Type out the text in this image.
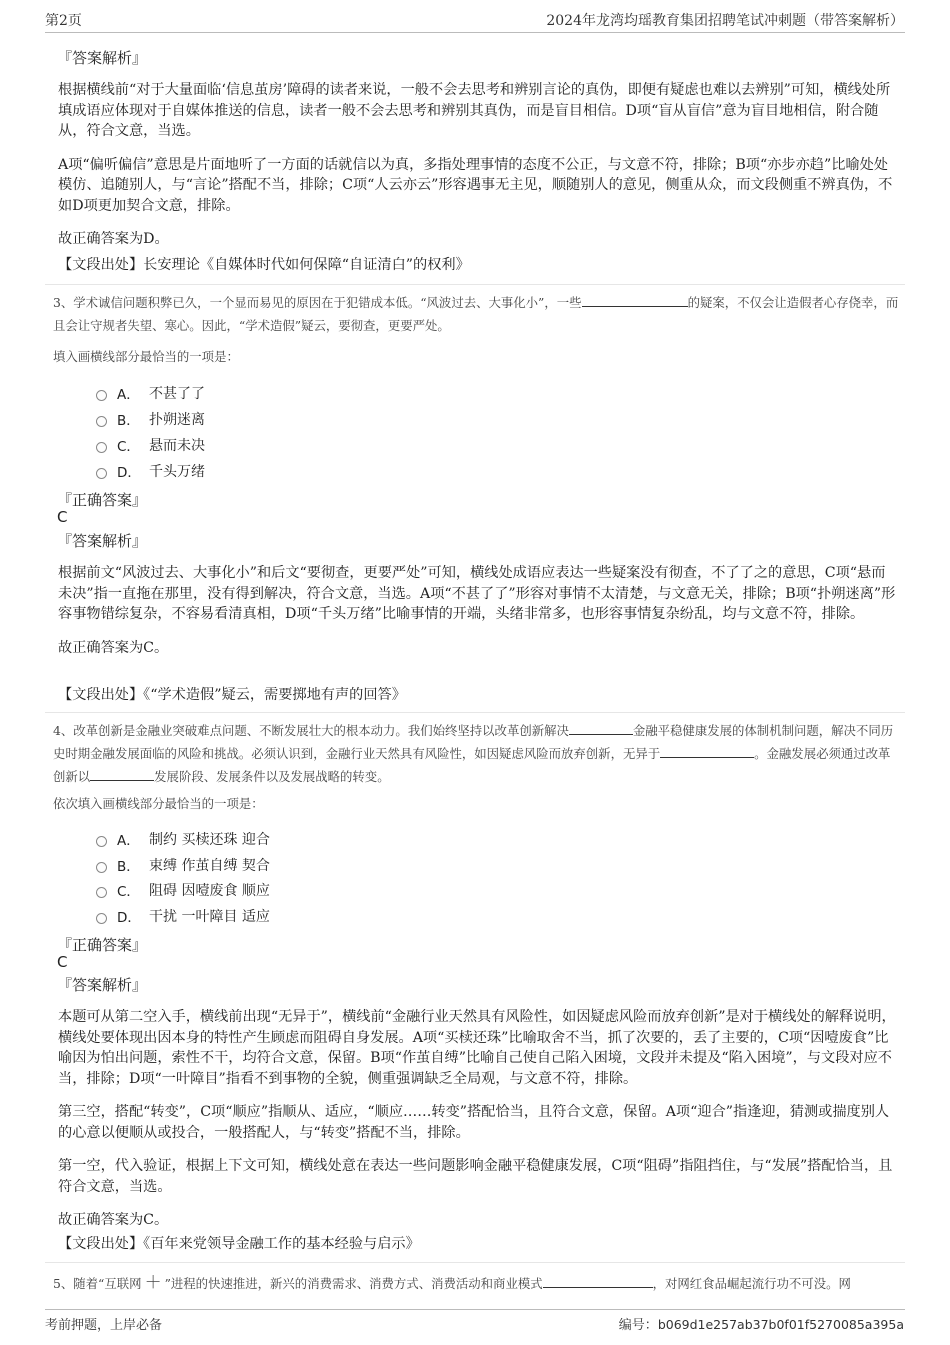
第2页	2024年龙湾均瑶教育集团招聘笔试冲刺题（带答案解析）
『答案解析』

根据横线前“对于大量面临‘信息茧房’障碍的读者来说，一般不会去思考和辨别言论的真伪，即便有疑虑也难以去辨别”可知，横线处所填成语应体现对于自媒体推送的信息，读者一般不会去思考和辨别其真伪，而是盲目相信。D项“盲从盲信”意为盲目地相信，附合随从，符合文意，当选。

A项“偏听偏信”意思是片面地听了一方面的话就信以为真，多指处理事情的态度不公正，与文意不符，排除；B项“亦步亦趋”比喻处处模仿、追随别人，与“言论”搭配不当，排除；C项“人云亦云”形容遇事无主见，顺随别人的意见，侧重从众，而文段侧重不辨真伪，不如D项更加契合文意，排除。

故正确答案为D。

【文段出处】长安理论《自媒体时代如何保障“自证清白”的权利》

3、学术诚信问题积弊已久，一个显而易见的原因在于犯错成本低。“风波过去、大事化小”，一些	的疑案，不仅会让造假者心存侥幸，而且会让守规者失望、寒心。因此，“学术造假”疑云，要彻查，更要严处。

填入画横线部分最恰当的一项是：
A． 不甚了了
B． 扑朔迷离
C． 悬而未决
D． 千头万绪
『正确答案』
C
『答案解析』

根据前文“风波过去、大事化小”和后文“要彻查，更要严处”可知，横线处成语应表达一些疑案没有彻查，不了了之的意思，C项“悬而未决”指一直拖在那里，没有得到解决，符合文意，当选。A项“不甚了了”形容对事情不太清楚，与文意无关，排除；B项“扑朔迷离”形容事物错综复杂，不容易看清真相，D项“千头万绪”比喻事情的开端，头绪非常多，也形容事情复杂纷乱，均与文意不符，排除。

故正确答案为C。

【文段出处】《“学术造假”疑云，需要掷地有声的回答》

4、改革创新是金融业突破难点问题、不断发展壮大的根本动力。我们始终坚持以改革创新解决	金融平稳健康发展的体制机制问题，解决不同历史时期金融发展面临的风险和挑战。必须认识到，金融行业天然具有风险性，如因疑虑风险而放弃创新，无异于	。金融发展必须通过改革创新以	发展阶段、发展条件以及发展战略的转变。

依次填入画横线部分最恰当的一项是：
A． 制约 买椟还珠 迎合
B． 束缚 作茧自缚 契合
C． 阻碍 因噎废食 顺应
D． 干扰 一叶障目 适应
『正确答案』
C
『答案解析』

本题可从第二空入手，横线前出现“无异于”，横线前“金融行业天然具有风险性，如因疑虑风险而放弃创新”是对于横线处的解释说明，横线处要体现出因本身的特性产生顾虑而阻碍自身发展。A项“买椟还珠”比喻取舍不当，抓了次要的，丢了主要的，C项“因噎废食”比喻因为怕出问题，索性不干，均符合文意，保留。B项“作茧自缚”比喻自己使自己陷入困境，文段并未提及“陷入困境”，与文段对应不当，排除；D项“一叶障目”指看不到事物的全貌，侧重强调缺乏全局观，与文意不符，排除。

第三空，搭配“转变”，C项“顺应”指顺从、适应，“顺应……转变”搭配恰当，且符合文意，保留。A项“迎合”指逢迎，猜测或揣度别人的心意以便顺从或投合，一般搭配人，与“转变”搭配不当，排除。

第一空，代入验证，根据上下文可知，横线处意在表达一些问题影响金融平稳健康发展，C项“阻碍”指阻挡住，与“发展”搭配恰当，且符合文意，当选。

故正确答案为C。

【文段出处】《百年来党领导金融工作的基本经验与启示》

5、随着“互联网 ＋ ”进程的快速推进，新兴的消费需求、消费方式、消费活动和商业模式	，对网红食品崛起流行功不可没。网

考前押题，上岸必备	编号：b069d1e257ab37b0f01f5270085a395a
